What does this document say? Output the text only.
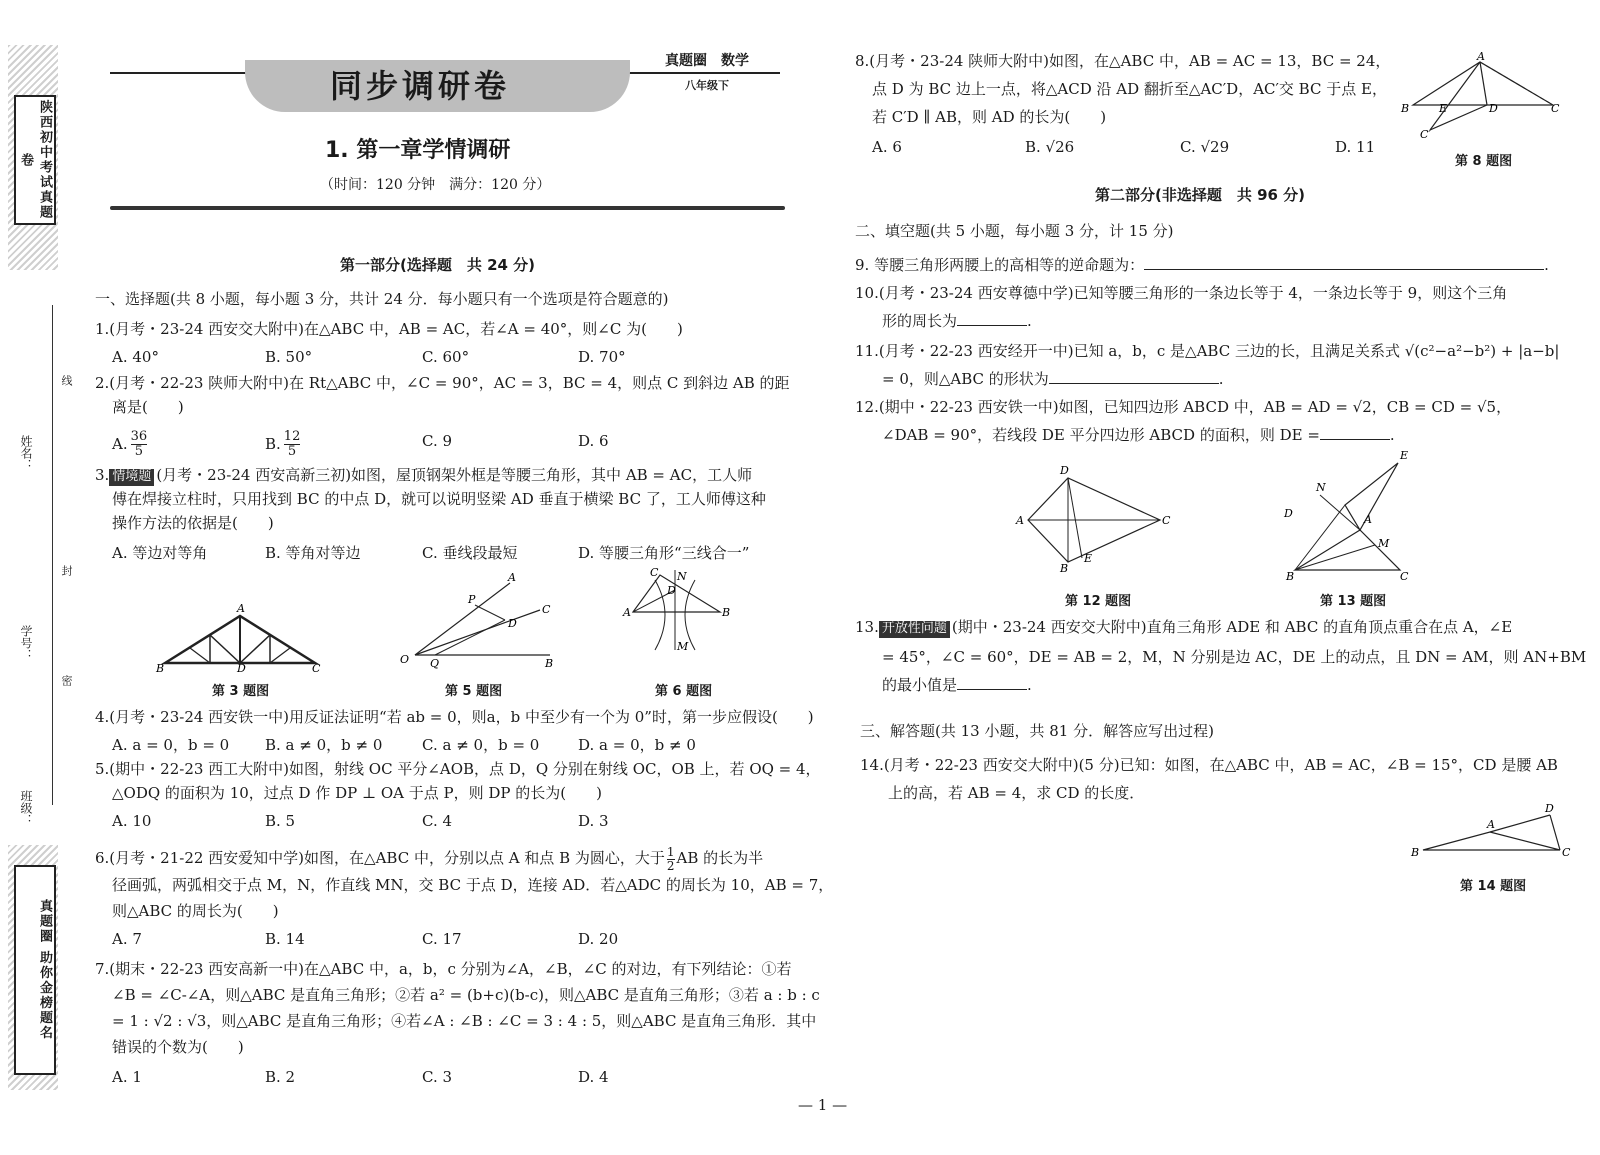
陕西初中考试真题卷
姓名：
线
学号：
封
班级：
密
真题圈 助你金榜题名
同步调研卷
真题圈　数学
八年级下
1. 第一章学情调研
（时间：120 分钟　满分：120 分）
第一部分(选择题　共 24 分)
一、选择题(共 8 小题，每小题 3 分，共计 24 分．每小题只有一个选项是符合题意的)
1.(月考・23-24 西安交大附中)在△ABC 中，AB = AC，若∠A = 40°，则∠C 为(　　)
A. 40°	B. 50°	C. 60°	D. 70°
2.(月考・22-23 陕师大附中)在 Rt△ABC 中，∠C = 90°，AC = 3，BC = 4，则点 C 到斜边 AB 的距
离是(　　)
A. $\frac{36}{5}$	B. $\frac{12}{5}$	C. 9	D. 6
3. 情境题 (月考・23-24 西安高新三初)如图，屋顶钢架外框是等腰三角形，其中 AB = AC，工人师
傅在焊接立柱时，只用找到 BC 的中点 D，就可以说明竖梁 AD 垂直于横梁 BC 了，工人师傅这种
操作方法的依据是(　　)
A. 等边对等角	B. 等角对等边	C. 垂线段最短	D. 等腰三角形“三线合一”
A
B	D	C
第 3 题图
A
C
P
D
Q	B
O
第 5 题图
A
C N
D
B
M
第 6 题图
4.(月考・23-24 西安铁一中)用反证法证明“若 ab = 0，则a，b 中至少有一个为 0”时，第一步应假设(　　)
A. a = 0，b = 0 B. a ≠ 0，b ≠ 0	C. a ≠ 0，b = 0	D. a = 0，b ≠ 0
5.(期中・22-23 西工大附中)如图，射线 OC 平分∠AOB，点 D，Q 分别在射线 OC，OB 上，若 OQ = 4，
△ODQ 的面积为 10，过点 D 作 DP ⊥ OA 于点 P，则 DP 的长为(　　)
A. 10	B. 5	C. 4	D. 3
6.(月考・21-22 西安爱知中学)如图，在△ABC 中，分别以点 A 和点 B 为圆心，大于 $\frac{1}{2}$ AB 的长为半
径画弧，两弧相交于点 M，N，作直线 MN，交 BC 于点 D，连接 AD．若△ADC 的周长为 10，AB = 7，
则△ABC 的周长为(　　)
A. 7	B. 14	C. 17	D. 20
7.(期末・22-23 西安高新一中)在△ABC 中，a，b，c 分别为∠A，∠B，∠C 的对边，有下列结论：①若
∠B = ∠C-∠A，则△ABC 是直角三角形；②若 a² = (b+c)(b-c)，则△ABC 是直角三角形；③若 a : b : c
= 1 : √2 : √3，则△ABC 是直角三角形；④若∠A : ∠B : ∠C = 3 : 4 : 5，则△ABC 是直角三角形．其中
错误的个数为(　　)
A. 1	B. 2	C. 3	D. 4
8.(月考・23-24 陕师大附中)如图，在△ABC 中，AB = AC = 13，BC = 24，
点 D 为 BC 边上一点，将△ACD 沿 AD 翻折至△AC′D，AC′交 BC 于点 E，
若 C′D ∥ AB，则 AD 的长为(　　)
A. 6	B. √26	C. √29	D. 11
A
B	E	D	C
C′
第 8 题图
第二部分(非选择题　共 96 分)
二、填空题(共 5 小题，每小题 3 分，计 15 分)
9. 等腰三角形两腰上的高相等的逆命题为：	.
10.(月考・23-24 西安尊德中学)已知等腰三角形的一条边长等于 4，一条边长等于 9，则这个三角
形的周长为	.
11.(月考・22-23 西安经开一中)已知 a，b，c 是△ABC 三边的长，且满足关系式 √(c²−a²−b²) + |a−b|
= 0，则△ABC 的形状为	.
12.(期中・22-23 西安铁一中)如图，已知四边形 ABCD 中，AB = AD = √2，CB = CD = √5，
∠DAB = 90°，若线段 DE 平分四边形 ABCD 的面积，则 DE =	.
D
A	C
B
E
第 12 题图
E
N
D	A
M
B	C
第 13 题图
13. 开放性问题 (期中・23-24 西安交大附中)直角三角形 ADE 和 ABC 的直角顶点重合在点 A，∠E
= 45°，∠C = 60°，DE = AB = 2，M，N 分别是边 AC，DE 上的动点，且 DN = AM，则 AN+BM
的最小值是	.
三、解答题(共 13 小题，共 81 分．解答应写出过程)
14.(月考・22-23 西安交大附中)(5 分)已知：如图，在△ABC 中，AB = AC，∠B = 15°，CD 是腰 AB
上的高，若 AB = 4，求 CD 的长度．
A
B	C
D
第 14 题图
— 1 —
